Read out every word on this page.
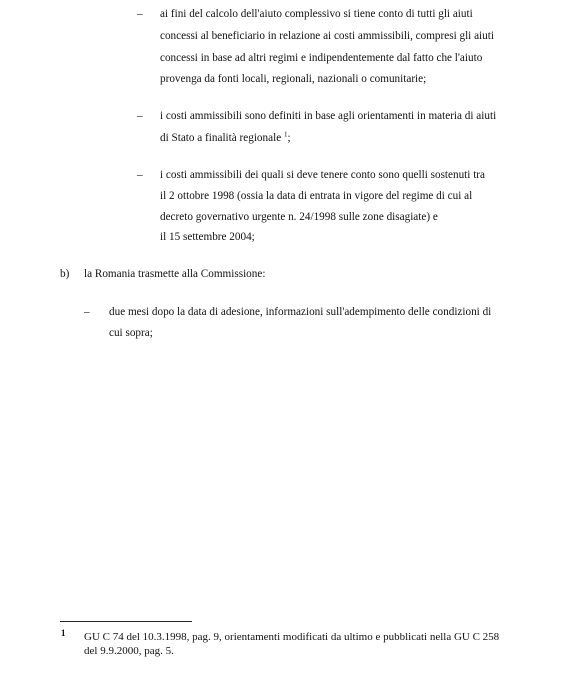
– ai fini del calcolo dell'aiuto complessivo si tiene conto di tutti gli aiuti
concessi al beneficiario in relazione ai costi ammissibili, compresi gli aiuti
concessi in base ad altri regimi e indipendentemente dal fatto che l'aiuto
provenga da fonti locali, regionali, nazionali o comunitarie;
– i costi ammissibili sono definiti in base agli orientamenti in materia di aiuti
di Stato a finalità regionale $^1$;
– i costi ammissibili dei quali si deve tenere conto sono quelli sostenuti tra
il 2 ottobre 1998 (ossia la data di entrata in vigore del regime di cui al
decreto governativo urgente n. 24/1998 sulle zone disagiate) e
il 15 settembre 2004;
b) la Romania trasmette alla Commissione:
– due mesi dopo la data di adesione, informazioni sull'adempimento delle condizioni di
cui sopra;
1 GU C 74 del 10.3.1998, pag. 9, orientamenti modificati da ultimo e pubblicati nella GU C 258
del 9.9.2000, pag. 5.
